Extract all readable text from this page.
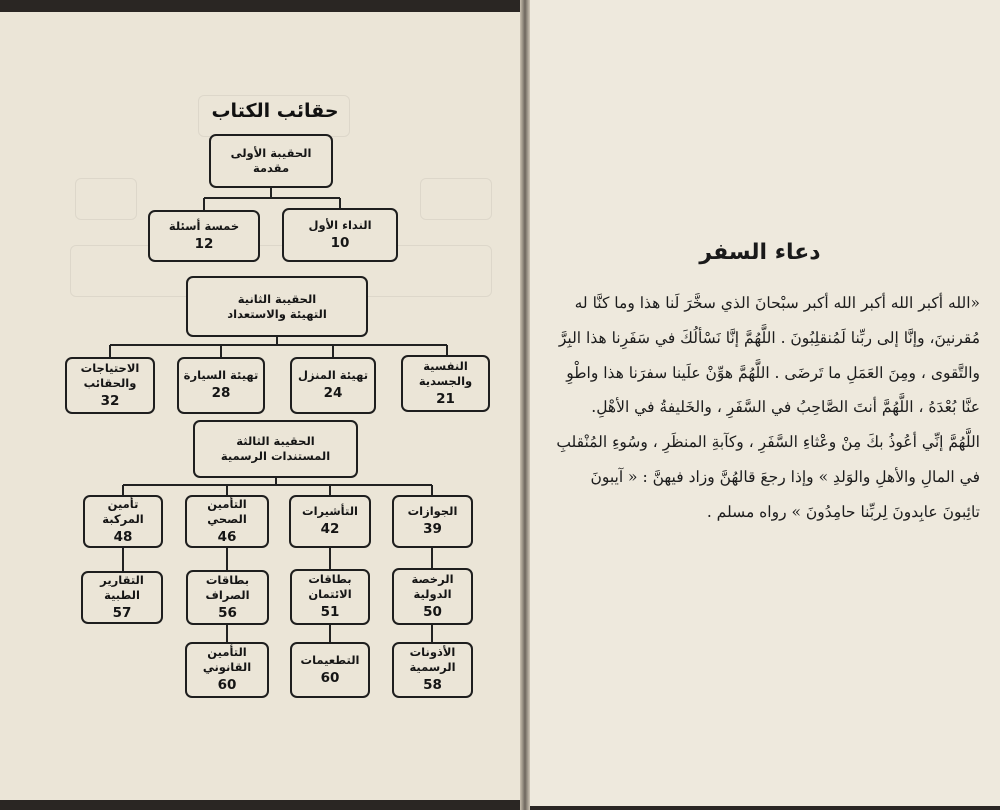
حقائب الكتاب
الحقيبة الأولى
مقدمة
خمسة أسئلة
12
النداء الأول
10
الحقيبة الثانية
التهيئة والاستعداد
الاحتياجات
والحقائب
32
تهيئة السيارة
28
تهيئة المنزل
24
النفسية
والجسدية
21
الحقيبة الثالثة
المستندات الرسمية
تأمين المركبة
48
التأمين
الصحي
46
التأشيرات
42
الجوازات
39
التقارير
الطبية
57
بطاقات
الصراف
56
بطاقات
الائتمان
51
الرخصة
الدولية
50
التأمين
القانوني
60
التطعيمات
60
الأذونات
الرسمية
58
دعاء السفر
«الله أكبر الله أكبر الله أكبر سبْحانَ الذي سخَّرَ لَنا هذا وما كنَّا له
مُقرنينَ، وإنَّا إلى ربِّنا لَمُنقلِبُونَ . اللَّهُمَّ إنَّا نَسْألُكَ في سَفَرِنا هذا البِرَّ
والتَّقوى ، ومِنَ العَمَلِ ما تَرضَى . اللَّهُمَّ هوِّنْ علَينا سفرَنا هذا واطْوِ
عنَّا بُعْدَهُ ، اللَّهُمَّ أنتَ الصَّاحِبُ في السَّفَرِ ، والخَليفةُ في الأهْلِ.
اللَّهُمَّ إنِّي أعُوذُ بكَ مِنْ وعْثاءِ السَّفَرِ ، وكآبةِ المنظَرِ ، وسُوءِ المُنْقلبِ
في المالِ والأهلِ والوَلدِ » وإذا رجعَ قالهُنَّ وزاد فيهنَّ : « آيبونَ
تائِبونَ عابِدونَ لِربِّنا حامِدُونَ » رواه مسلم .
